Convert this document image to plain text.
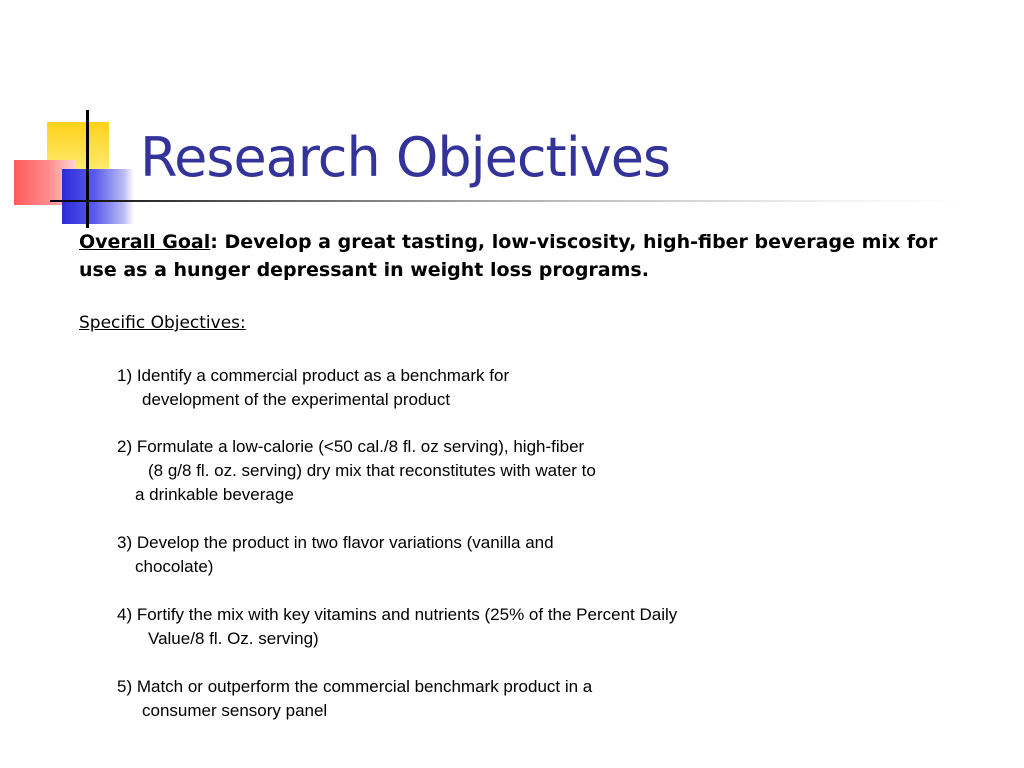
Research Objectives

Overall Goal: Develop a great tasting, low-viscosity, high-fiber beverage mix for use as a hunger depressant in weight loss programs.

Specific Objectives:

1) Identify a commercial product as a benchmark for
development of the experimental product
2) Formulate a low-calorie (<50 cal./8 fl. oz serving), high-fiber
(8 g/8 fl. oz. serving) dry mix that reconstitutes with water to
a drinkable beverage
3) Develop the product in two flavor variations (vanilla and
chocolate)
4) Fortify the mix with key vitamins and nutrients (25% of the Percent Daily
Value/8 fl. Oz. serving)
5) Match or outperform the commercial benchmark product in a
consumer sensory panel
